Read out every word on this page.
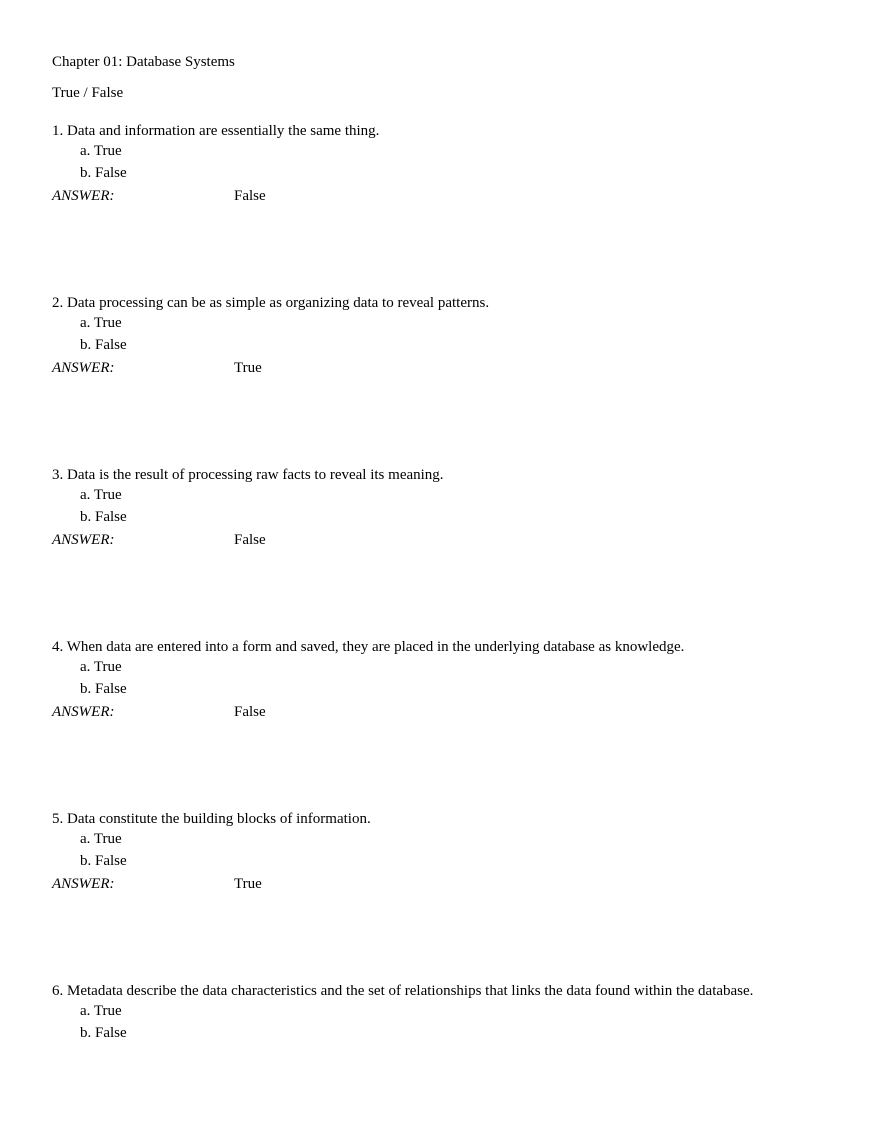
Chapter 01: Database Systems
True / False
1. Data and information are essentially the same thing.
a. True
b. False
ANSWER:	False
2. Data processing can be as simple as organizing data to reveal patterns.
a. True
b. False
ANSWER:	True
3. Data is the result of processing raw facts to reveal its meaning.
a. True
b. False
ANSWER:	False
4. When data are entered into a form and saved, they are placed in the underlying database as knowledge.
a. True
b. False
ANSWER:	False
5. Data constitute the building blocks of information.
a. True
b. False
ANSWER:	True
6. Metadata describe the data characteristics and the set of relationships that links the data found within the database.
a. True
b. False
